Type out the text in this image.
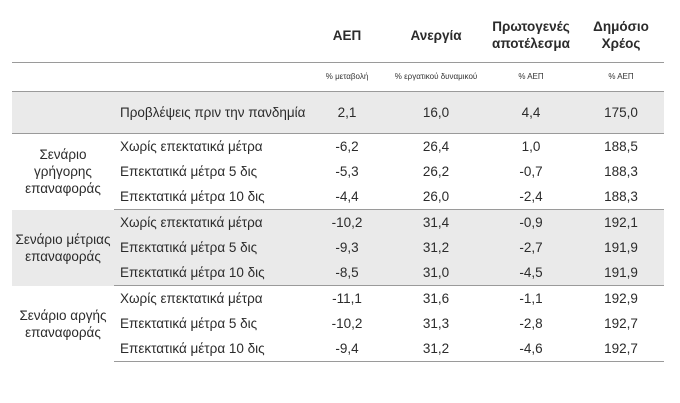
		ΑΕΠ	Ανεργία	Πρωτογενές αποτέλεσμα	Δημόσιο Χρέος
		% μεταβολή	% εργατικού δυναμικού	% ΑΕΠ	% ΑΕΠ
	Προβλέψεις πριν την πανδημία	2,1	16,0	4,4	175,0
Σενάριο γρήγορης επαναφοράς	Χωρίς επεκτατικά μέτρα	-6,2	26,4	1,0	188,5
	Επεκτατικά μέτρα 5 δις	-5,3	26,2	-0,7	188,3
	Επεκτατικά μέτρα 10 δις	-4,4	26,0	-2,4	188,3
Σενάριο μέτριας επαναφοράς	Χωρίς επεκτατικά μέτρα	-10,2	31,4	-0,9	192,1
	Επεκτατικά μέτρα 5 δις	-9,3	31,2	-2,7	191,9
	Επεκτατικά μέτρα 10 δις	-8,5	31,0	-4,5	191,9
Σενάριο αργής επαναφοράς	Χωρίς επεκτατικά μέτρα	-11,1	31,6	-1,1	192,9
	Επεκτατικά μέτρα 5 δις	-10,2	31,3	-2,8	192,7
	Επεκτατικά μέτρα 10 δις	-9,4	31,2	-4,6	192,7
